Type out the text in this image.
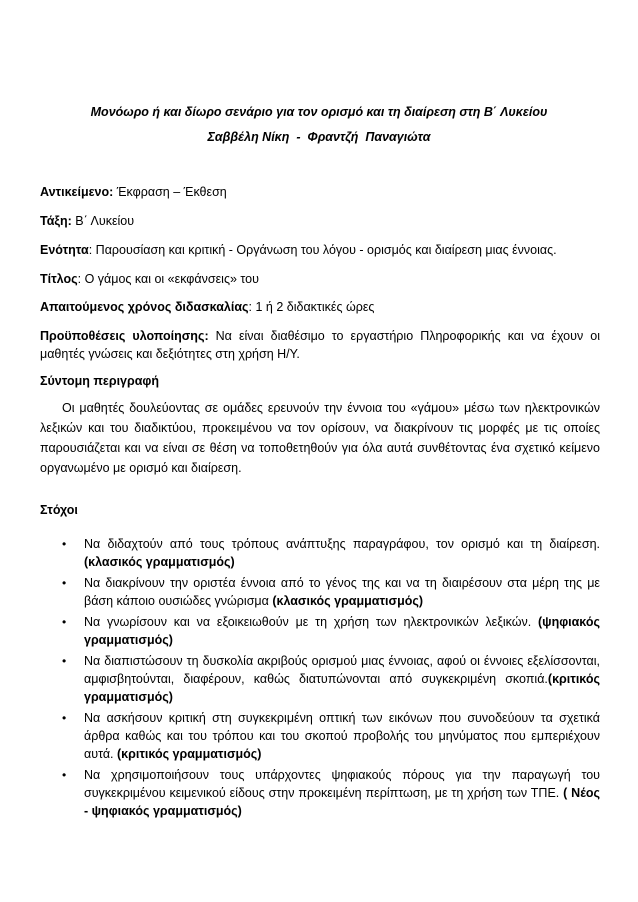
Μονόωρο ή και δίωρο σενάριο για τον ορισμό και τη διαίρεση στη Β΄ Λυκείου
Σαββέλη Νίκη  -  Φραντζή  Παναγιώτα
Αντικείμενο: Έκφραση – Έκθεση
Τάξη: Β΄ Λυκείου
Ενότητα: Παρουσίαση και κριτική - Οργάνωση του λόγου - ορισμός και διαίρεση μιας έννοιας.
Τίτλος: Ο γάμος και οι «εκφάνσεις» του
Απαιτούμενος χρόνος διδασκαλίας: 1 ή 2 διδακτικές ώρες
Προϋποθέσεις υλοποίησης: Να είναι διαθέσιμο το εργαστήριο Πληροφορικής και να έχουν οι μαθητές γνώσεις και δεξιότητες στη χρήση Η/Υ.
Σύντομη περιγραφή
Οι μαθητές δουλεύοντας σε ομάδες ερευνούν την έννοια του «γάμου» μέσω των ηλεκτρονικών λεξικών και του διαδικτύου, προκειμένου να τον ορίσουν, να διακρίνουν τις μορφές με τις οποίες παρουσιάζεται και να είναι σε θέση να τοποθετηθούν για όλα αυτά συνθέτοντας ένα σχετικό κείμενο οργανωμένο με ορισμό και διαίρεση.
Στόχοι
• Να διδαχτούν από τους τρόπους ανάπτυξης παραγράφου, τον ορισμό και τη διαίρεση.(κλασικός γραμματισμός)
• Να διακρίνουν την οριστέα έννοια από το γένος της και να τη διαιρέσουν στα μέρη της με βάση κάποιο ουσιώδες γνώρισμα (κλασικός γραμματισμός)
• Να γνωρίσουν και να εξοικειωθούν με τη χρήση των ηλεκτρονικών λεξικών. (ψηφιακός γραμματισμός)
• Να διαπιστώσουν τη δυσκολία ακριβούς ορισμού μιας έννοιας, αφού οι έννοιες εξελίσσονται, αμφισβητούνται, διαφέρουν, καθώς διατυπώνονται από συγκεκριμένη σκοπιά.(κριτικός γραμματισμός)
• Να ασκήσουν κριτική στη συγκεκριμένη οπτική των εικόνων που συνοδεύουν τα σχετικά άρθρα καθώς και του τρόπου και του σκοπού προβολής του μηνύματος που εμπεριέχουν αυτά. (κριτικός γραμματισμός)
• Να χρησιμοποιήσουν τους υπάρχοντες ψηφιακούς πόρους για την παραγωγή του συγκεκριμένου κειμενικού είδους στην προκειμένη περίπτωση, με τη χρήση των ΤΠΕ. ( Νέος - ψηφιακός γραμματισμός)
